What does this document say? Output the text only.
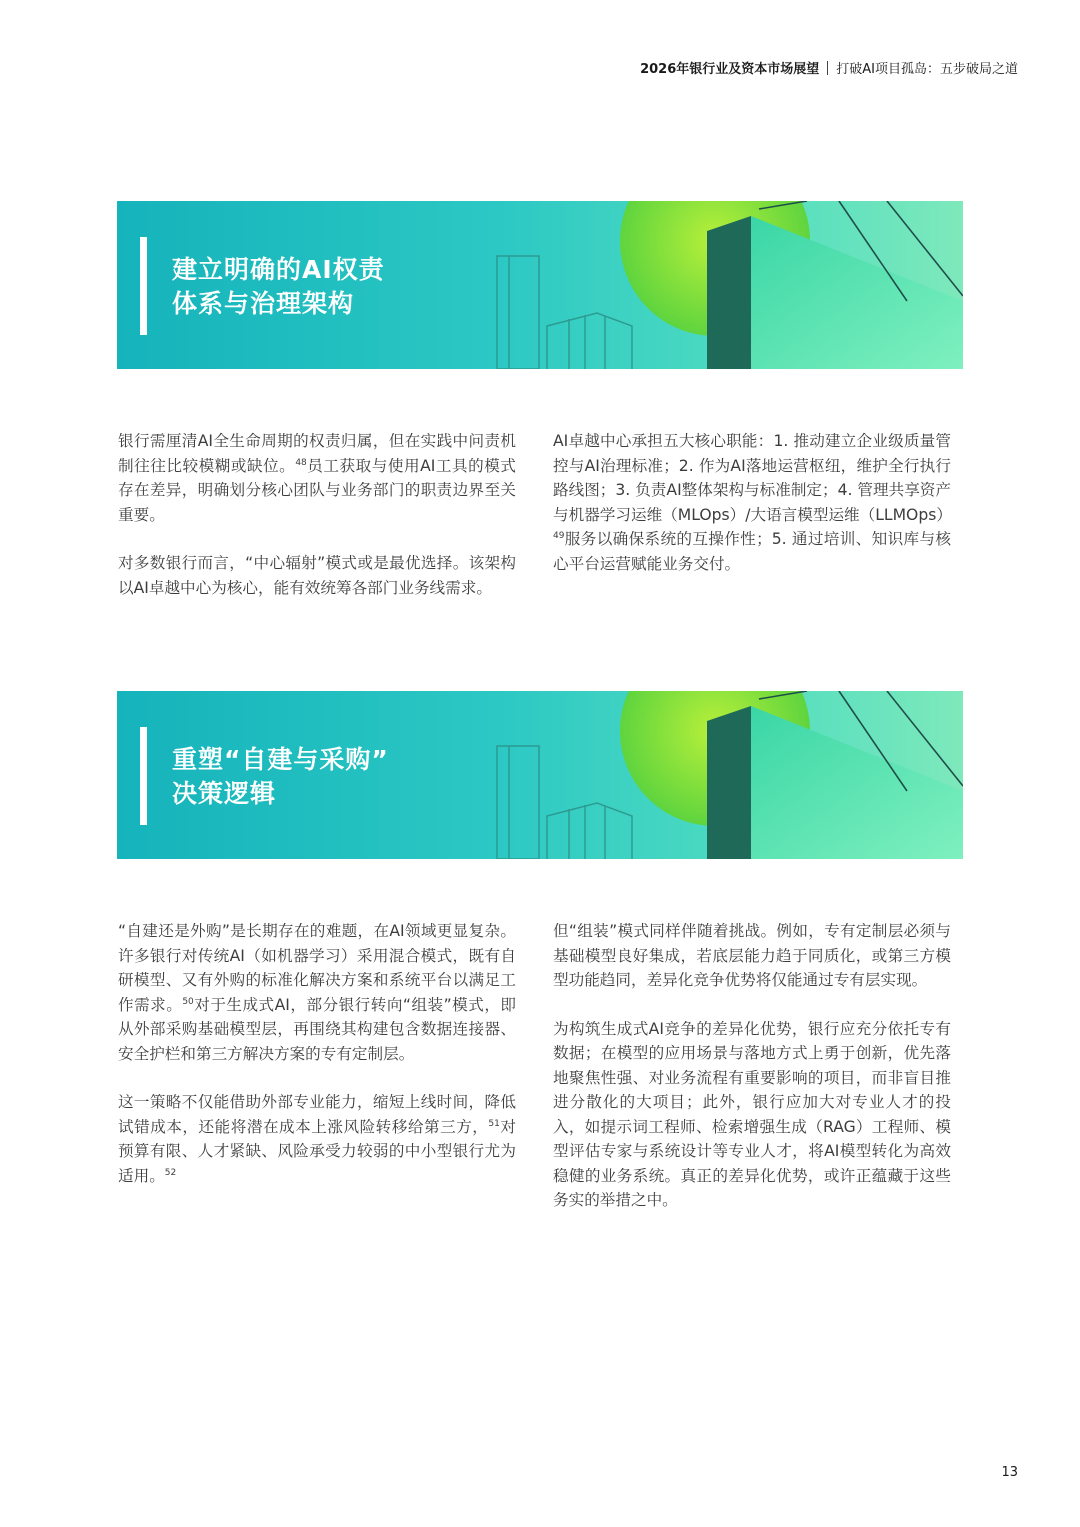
2026年银行业及资本市场展望 打破AI项目孤岛：五步破局之道
建立明确的AI权责
体系与治理架构

银行需厘清AI全生命周期的权责归属，但在实践中问责机制往往比较模糊或缺位。$^{48}$员工获取与使用AI工具的模式存在差异，明确划分核心团队与业务部门的职责边界至关重要。

对多数银行而言，“中心辐射”模式或是最优选择。该架构以AI卓越中心为核心，能有效统筹各部门业务线需求。

AI卓越中心承担五大核心职能：1. 推动建立企业级质量管控与AI治理标准；2. 作为AI落地运营枢纽，维护全行执行路线图；3. 负责AI整体架构与标准制定；4. 管理共享资产与机器学习运维（MLOps）/大语言模型运维（LLMOps）$^{49}$服务以确保系统的互操作性；5. 通过培训、知识库与核心平台运营赋能业务交付。

重塑“自建与采购”
决策逻辑

“自建还是外购”是长期存在的难题，在AI领域更显复杂。许多银行对传统AI（如机器学习）采用混合模式，既有自研模型、又有外购的标准化解决方案和系统平台以满足工作需求。$^{50}$对于生成式AI，部分银行转向“组装”模式，即从外部采购基础模型层，再围绕其构建包含数据连接器、安全护栏和第三方解决方案的专有定制层。

这一策略不仅能借助外部专业能力，缩短上线时间，降低试错成本，还能将潜在成本上涨风险转移给第三方，$^{51}$对预算有限、人才紧缺、风险承受力较弱的中小型银行尤为适用。$^{52}$

但“组装”模式同样伴随着挑战。例如，专有定制层必须与基础模型良好集成，若底层能力趋于同质化，或第三方模型功能趋同，差异化竞争优势将仅能通过专有层实现。

为构筑生成式AI竞争的差异化优势，银行应充分依托专有数据；在模型的应用场景与落地方式上勇于创新，优先落地聚焦性强、对业务流程有重要影响的项目，而非盲目推进分散化的大项目；此外，银行应加大对专业人才的投入，如提示词工程师、检索增强生成（RAG）工程师、模型评估专家与系统设计等专业人才，将AI模型转化为高效稳健的业务系统。真正的差异化优势，或许正蕴藏于这些务实的举措之中。

13
